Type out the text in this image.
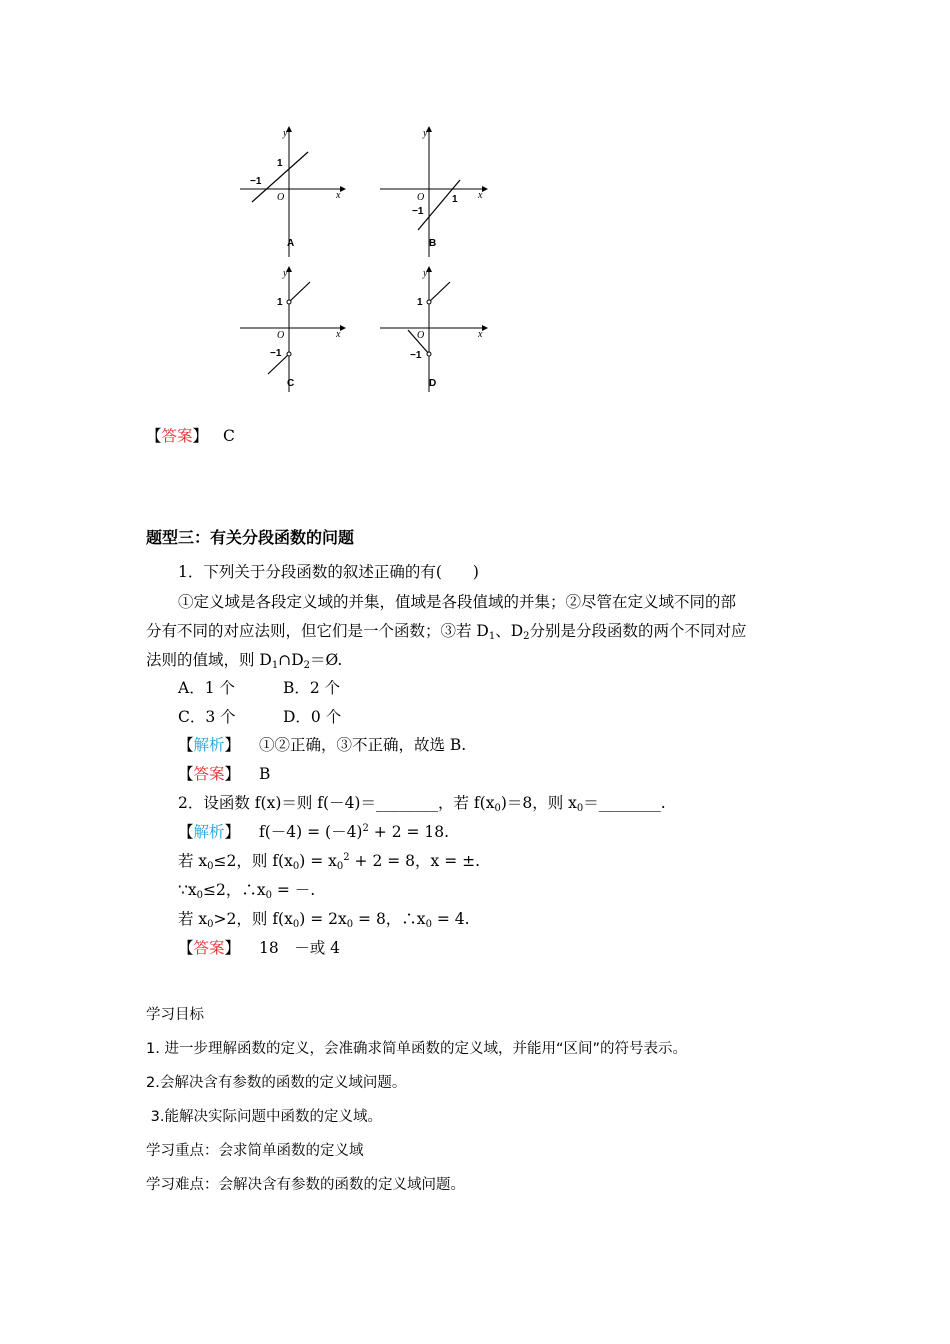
y
x
O
1
−1
A
y
x
O	1
−1
B
y
x
O
1
−1
C
y
x
O
1
−1
D
【答案】 C
题型三：有关分段函数的问题
1．下列关于分段函数的叙述正确的有(　　)
①定义域是各段定义域的并集，值域是各段值域的并集；②尽管在定义域不同的部
分有不同的对应法则，但它们是一个函数；③若 $D_1$、$D_2$分别是分段函数的两个不同对应
法则的值域，则 $D_1\cap D_2=Ø$.
A．1 个	B．2 个
C．3 个	D．0 个
【解析】 ①②正确，③不正确，故选 B.
【答案】 B
2．设函数 f(x)＝则 f(－4)＝________，若 $f(x_0)=8$，则 $x_0=\_\_\_\_\_\_\_\_$.
【解析】 $f(-4) = (-4)^2 + 2 = 18$.
若 $x_0\le 2$，则 $f(x_0) = x_0^2 + 2 = 8$，x = ±.
$\because x_0\le 2$，$\therefore x_0$ = －.
若 $x_0>2$，则 $f(x_0) = 2x_0 = 8$，$\therefore x_0 = 4$.
【答案】 18　－或 4
学习目标
1. 进一步理解函数的定义，会准确求简单函数的定义域，并能用“区间”的符号表示。
2.会解决含有参数的函数的定义域问题。
3.能解决实际问题中函数的定义域。
学习重点：会求简单函数的定义域
学习难点：会解决含有参数的函数的定义域问题。
